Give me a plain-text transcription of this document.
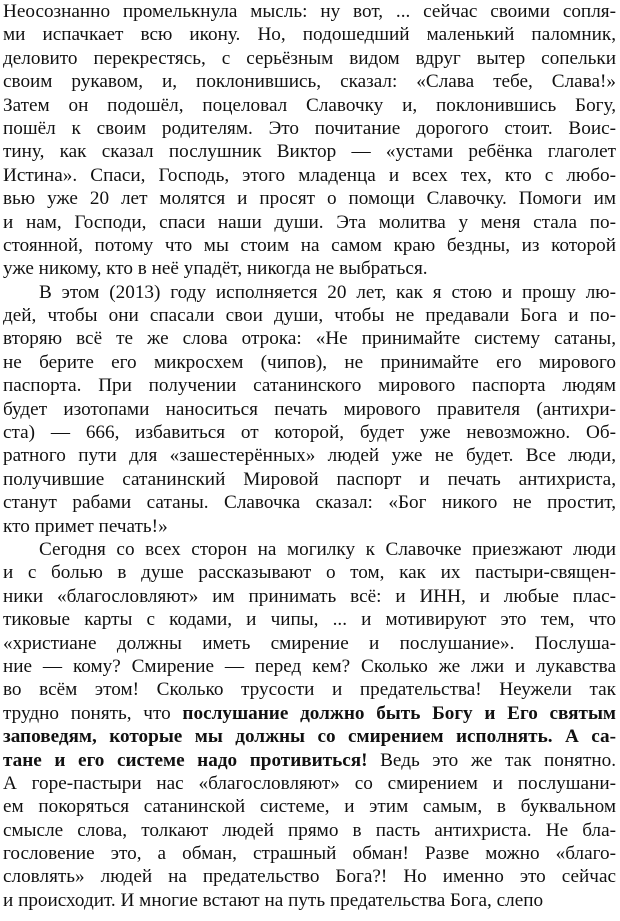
Неосознанно промелькнула мысль: ну вот, ... сейчас своими сопля-
ми испачкает всю икону. Но, подошедший маленький паломник,
деловито перекрестясь, с серьёзным видом вдруг вытер сопельки
своим рукавом, и, поклонившись, сказал: «Слава тебе, Слава!»
Затем он подошёл, поцеловал Славочку и, поклонившись Богу,
пошёл к своим родителям. Это почитание дорогого стоит. Воис-
тину, как сказал послушник Виктор — «устами ребёнка глаголет
Истина». Спаси, Господь, этого младенца и всех тех, кто с любо-
вью уже 20 лет молятся и просят о помощи Славочку. Помоги им
и нам, Господи, спаси наши души. Эта молитва у меня стала по-
стоянной, потому что мы стоим на самом краю бездны, из которой
уже никому, кто в неё упадёт, никогда не выбраться.
В этом (2013) году исполняется 20 лет, как я стою и прошу лю-
дей, чтобы они спасали свои души, чтобы не предавали Бога и по-
вторяю всё те же слова отрока: «Не принимайте систему сатаны,
не берите его микросхем (чипов), не принимайте его мирового
паспорта. При получении сатанинского мирового паспорта людям
будет изотопами наноситься печать мирового правителя (антихри-
ста) — 666, избавиться от которой, будет уже невозможно. Об-
ратного пути для «зашестерённых» людей уже не будет. Все люди,
получившие сатанинский Мировой паспорт и печать антихриста,
станут рабами сатаны. Славочка сказал: «Бог никого не простит,
кто примет печать!»
Сегодня со всех сторон на могилку к Славочке приезжают люди
и с болью в душе рассказывают о том, как их пастыри-священ-
ники «благословляют» им принимать всё: и ИНН, и любые плас-
тиковые карты с кодами, и чипы, ... и мотивируют это тем, что
«христиане должны иметь смирение и послушание». Послуша-
ние — кому? Смирение — перед кем? Сколько же лжи и лукавства
во всём этом! Сколько трусости и предательства! Неужели так
трудно понять, что послушание должно быть Богу и Его святым
заповедям, которые мы должны со смирением исполнять. А са-
тане и его системе надо противиться! Ведь это же так понятно.
А горе-пастыри нас «благословляют» со смирением и послушани-
ем покоряться сатанинской системе, и этим самым, в буквальном
смысле слова, толкают людей прямо в пасть антихриста. Не бла-
гословение это, а обман, страшный обман! Разве можно «благо-
словлять» людей на предательство Бога?! Но именно это сейчас
и происходит. И многие встают на путь предательства Бога, слепо
